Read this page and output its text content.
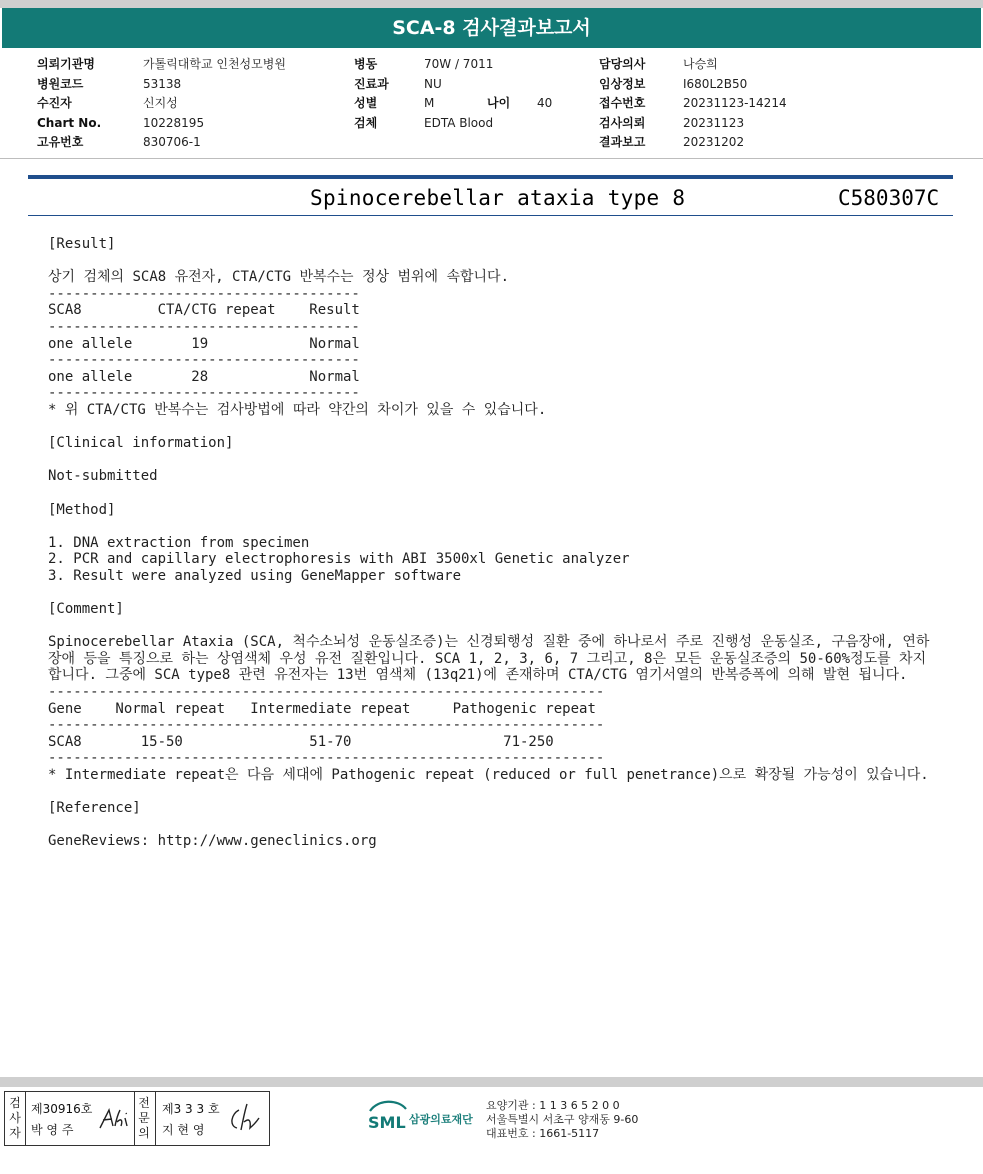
SCA-8 검사결과보고서
의뢰기관명	가톨릭대학교 인천성모병원
병원코드	53138
수진자	신지성
Chart No.	10228195
고유번호	830706-1
병동	70W / 7011
진료과	NU
성별	M	나이 40
검체	EDTA Blood
담당의사	나승희
임상정보	I680L2B50
접수번호	20231123-14214
검사의뢰	20231123
결과보고	20231202
Spinocerebellar ataxia type 8	C580307C
[Result]
상기 검체의 SCA8 유전자, CTA/CTG 반복수는 정상 범위에 속합니다.
-------------------------------------
SCA8         CTA/CTG repeat    Result
-------------------------------------
one allele       19            Normal
-------------------------------------
one allele       28            Normal
-------------------------------------
* 위 CTA/CTG 반복수는 검사방법에 따라 약간의 차이가 있을 수 있습니다.
[Clinical information]
Not-submitted
[Method]
1. DNA extraction from specimen
2. PCR and capillary electrophoresis with ABI 3500xl Genetic analyzer
3. Result were analyzed using GeneMapper software
[Comment]
Spinocerebellar Ataxia (SCA, 척수소뇌성 운동실조증)는 신경퇴행성 질환 중에 하나로서 주로 진행성 운동실조, 구음장애, 연하장애 등을 특징으로 하는 상염색체 우성 유전 질환입니다. SCA 1, 2, 3, 6, 7 그리고, 8은 모든 운동실조증의 50-60%정도를 차지합니다. 그중에 SCA type8 관련 유전자는 13번 염색체 (13q21)에 존재하며 CTA/CTG 염기서열의 반복증폭에 의해 발현 됩니다.
------------------------------------------------------------------
Gene    Normal repeat   Intermediate repeat     Pathogenic repeat
------------------------------------------------------------------
SCA8       15-50               51-70                  71-250
------------------------------------------------------------------
* Intermediate repeat은 다음 세대에 Pathogenic repeat (reduced or full penetrance)으로 확장될 가능성이 있습니다.
[Reference]
GeneReviews: http://www.geneclinics.org
검사자
제30916호
박 영 주
전문의
제3 3 3 호
지 현 영	SML 삼광의료재단
요양기관 : 1 1 3 6 5 2 0 0
서울특별시 서초구 양재동 9-60
대표번호 : 1661-5117
